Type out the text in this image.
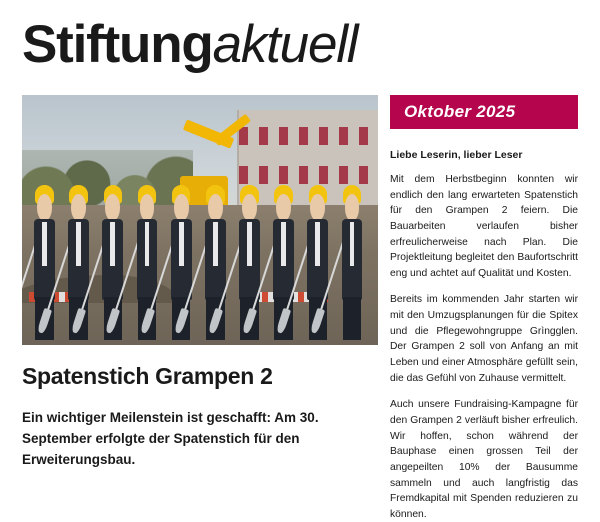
Stiftungaktuell
Spatenstich Grampen 2
Ein wichtiger Meilenstein ist geschafft: Am 30. September erfolgte der Spatenstich für den Erweiterungsbau.
Oktober 2025
Liebe Leserin, lieber Leser
Mit dem Herbstbeginn konnten wir endlich den lang erwarteten Spatenstich für den Grampen 2 feiern. Die Bauarbeiten verlaufen bisher erfreulicherweise nach Plan. Die Projektleitung begleitet den Baufortschritt eng und achtet auf Qualität und Kosten.
Bereits im kommenden Jahr starten wir mit den Umzugsplanungen für die Spitex und die Pflegewohngruppe Grìngglen. Der Grampen 2 soll von Anfang an mit Leben und einer Atmosphäre gefüllt sein, die das Gefühl von Zuhause vermittelt.
Auch unsere Fundraising-Kampagne für den Grampen 2 verläuft bisher erfreulich. Wir hoffen, schon während der Bauphase einen grossen Teil der angepeilten 10% der Bausumme sammeln und auch langfristig das Fremdkapital mit Spenden reduzieren zu können.
